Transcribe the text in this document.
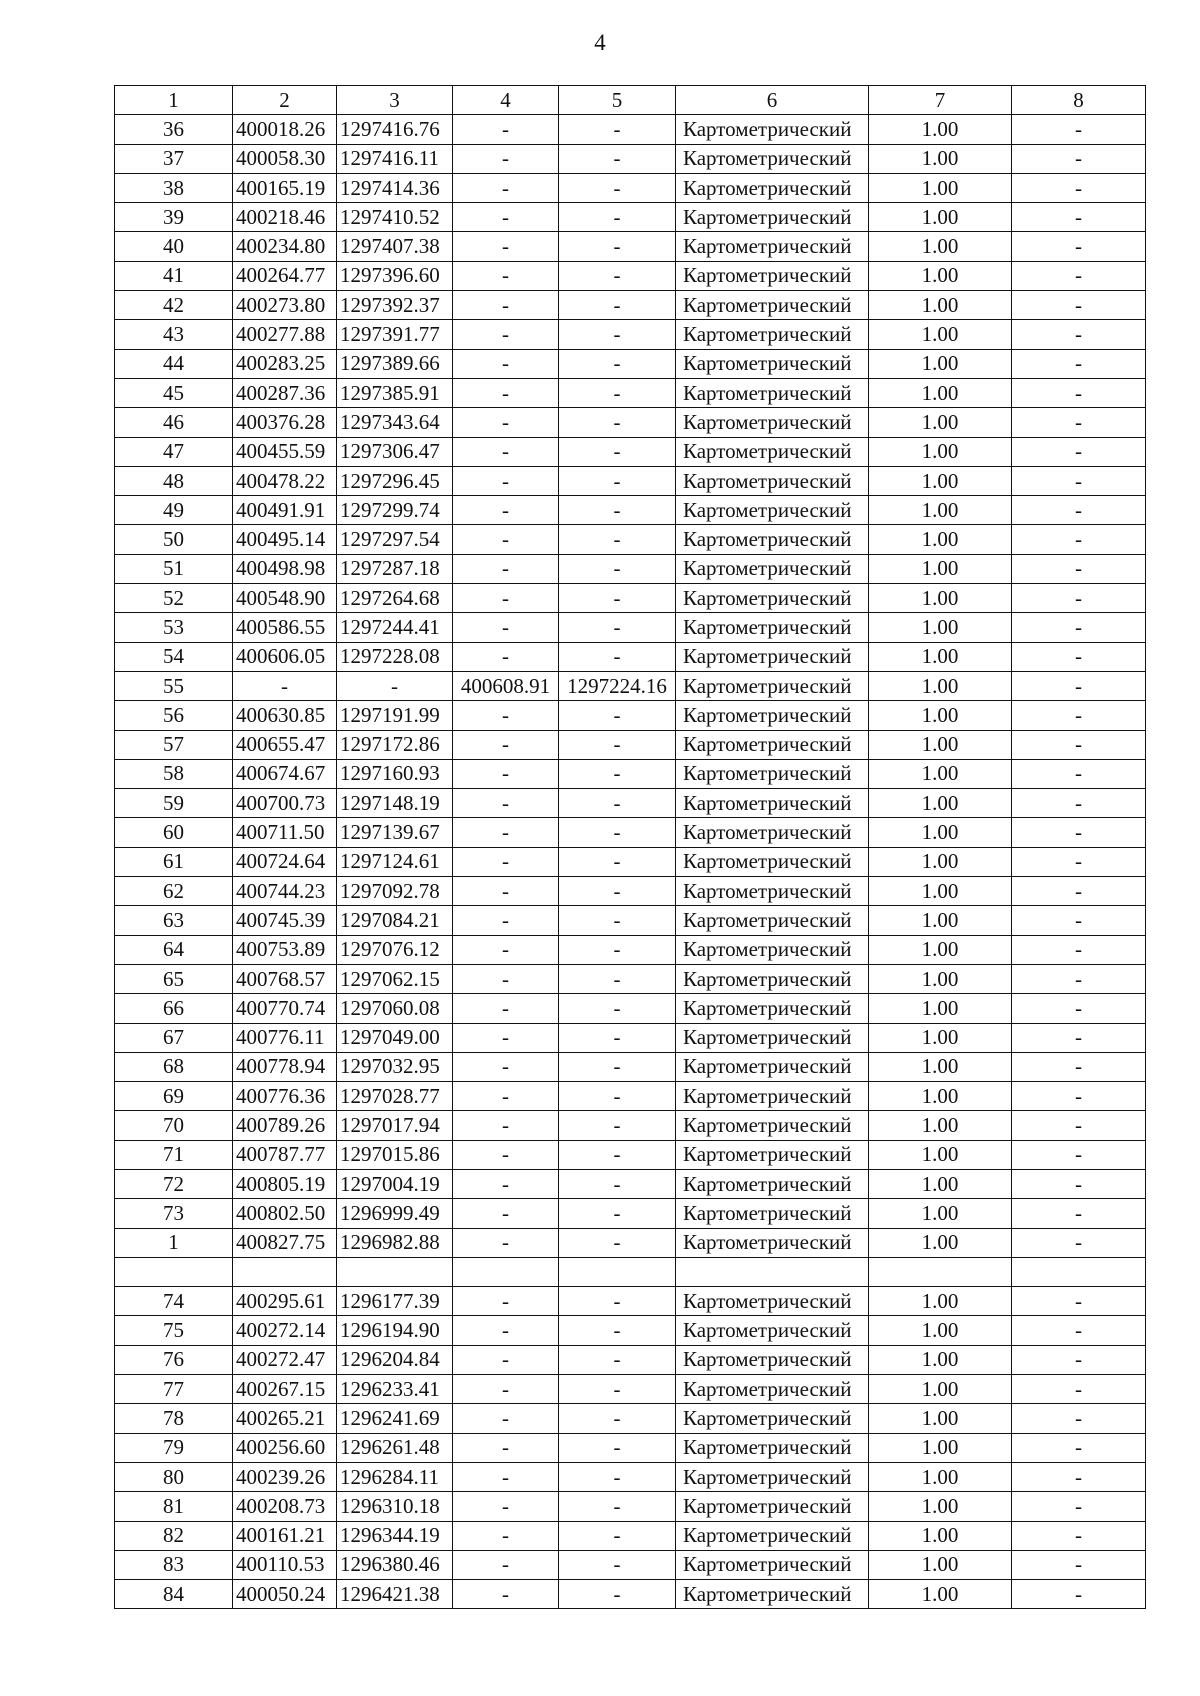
4
1	2	3	4	5	6	7	8
36	400018.26	1297416.76	-	-	Картометрический	1.00	-
37	400058.30	1297416.11	-	-	Картометрический	1.00	-
38	400165.19	1297414.36	-	-	Картометрический	1.00	-
39	400218.46	1297410.52	-	-	Картометрический	1.00	-
40	400234.80	1297407.38	-	-	Картометрический	1.00	-
41	400264.77	1297396.60	-	-	Картометрический	1.00	-
42	400273.80	1297392.37	-	-	Картометрический	1.00	-
43	400277.88	1297391.77	-	-	Картометрический	1.00	-
44	400283.25	1297389.66	-	-	Картометрический	1.00	-
45	400287.36	1297385.91	-	-	Картометрический	1.00	-
46	400376.28	1297343.64	-	-	Картометрический	1.00	-
47	400455.59	1297306.47	-	-	Картометрический	1.00	-
48	400478.22	1297296.45	-	-	Картометрический	1.00	-
49	400491.91	1297299.74	-	-	Картометрический	1.00	-
50	400495.14	1297297.54	-	-	Картометрический	1.00	-
51	400498.98	1297287.18	-	-	Картометрический	1.00	-
52	400548.90	1297264.68	-	-	Картометрический	1.00	-
53	400586.55	1297244.41	-	-	Картометрический	1.00	-
54	400606.05	1297228.08	-	-	Картометрический	1.00	-
55	-	-	400608.91	1297224.16	Картометрический	1.00	-
56	400630.85	1297191.99	-	-	Картометрический	1.00	-
57	400655.47	1297172.86	-	-	Картометрический	1.00	-
58	400674.67	1297160.93	-	-	Картометрический	1.00	-
59	400700.73	1297148.19	-	-	Картометрический	1.00	-
60	400711.50	1297139.67	-	-	Картометрический	1.00	-
61	400724.64	1297124.61	-	-	Картометрический	1.00	-
62	400744.23	1297092.78	-	-	Картометрический	1.00	-
63	400745.39	1297084.21	-	-	Картометрический	1.00	-
64	400753.89	1297076.12	-	-	Картометрический	1.00	-
65	400768.57	1297062.15	-	-	Картометрический	1.00	-
66	400770.74	1297060.08	-	-	Картометрический	1.00	-
67	400776.11	1297049.00	-	-	Картометрический	1.00	-
68	400778.94	1297032.95	-	-	Картометрический	1.00	-
69	400776.36	1297028.77	-	-	Картометрический	1.00	-
70	400789.26	1297017.94	-	-	Картометрический	1.00	-
71	400787.77	1297015.86	-	-	Картометрический	1.00	-
72	400805.19	1297004.19	-	-	Картометрический	1.00	-
73	400802.50	1296999.49	-	-	Картометрический	1.00	-
1	400827.75	1296982.88	-	-	Картометрический	1.00	-

74	400295.61	1296177.39	-	-	Картометрический	1.00	-
75	400272.14	1296194.90	-	-	Картометрический	1.00	-
76	400272.47	1296204.84	-	-	Картометрический	1.00	-
77	400267.15	1296233.41	-	-	Картометрический	1.00	-
78	400265.21	1296241.69	-	-	Картометрический	1.00	-
79	400256.60	1296261.48	-	-	Картометрический	1.00	-
80	400239.26	1296284.11	-	-	Картометрический	1.00	-
81	400208.73	1296310.18	-	-	Картометрический	1.00	-
82	400161.21	1296344.19	-	-	Картометрический	1.00	-
83	400110.53	1296380.46	-	-	Картометрический	1.00	-
84	400050.24	1296421.38	-	-	Картометрический	1.00	-
